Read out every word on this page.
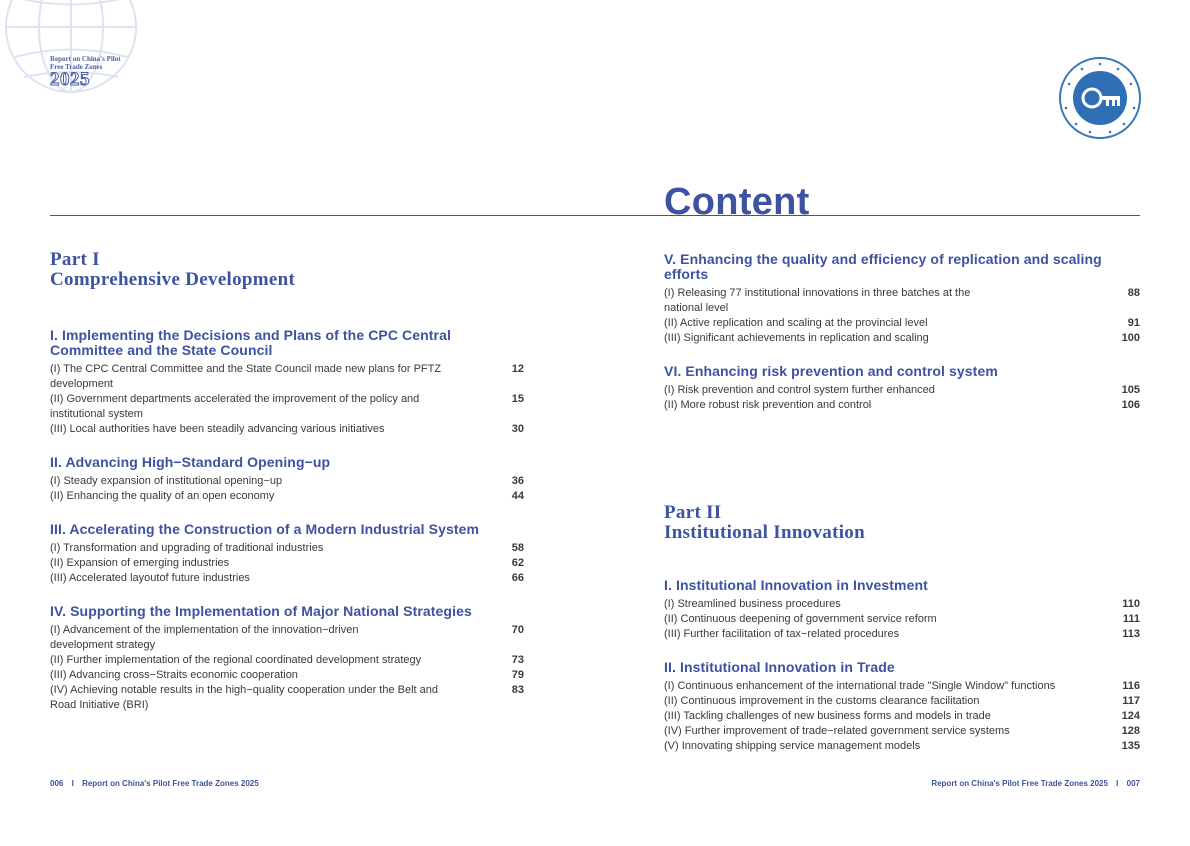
Report on China's Pilot
Free Trade Zones
2025
Content
Part I
Comprehensive Development
I. Implementing the Decisions and Plans of the CPC Central Committee and the State Council
(I) The CPC Central Committee and the State Council made new plans for PFTZ development
12
(II) Government departments accelerated the improvement of the policy and institutional system
15
(III) Local authorities have been steadily advancing various initiatives	30
II. Advancing High−Standard Opening−up
(I) Steady expansion of institutional opening−up	36
(II) Enhancing the quality of an open economy	44
III. Accelerating the Construction of a Modern Industrial System
(I) Transformation and upgrading of traditional industries	58
(II) Expansion of emerging industries	62
(III) Accelerated layoutof future industries	66
IV. Supporting the Implementation of Major National Strategies
(I) Advancement of the implementation of the innovation−driven development strategy
70
(II) Further implementation of the regional coordinated development strategy	73
(III) Advancing cross−Straits economic cooperation	79
(IV) Achieving notable results in the high−quality cooperation under the Belt and Road Initiative (BRI)
83
V. Enhancing the quality and efficiency of replication and scaling efforts
(I) Releasing 77 institutional innovations in three batches at the national level
88
(II) Active replication and scaling at the provincial level	91
(III) Significant achievements in replication and scaling	100
VI. Enhancing risk prevention and control system
(I) Risk prevention and control system further enhanced	105
(II) More robust risk prevention and control	106
Part II
Institutional Innovation
I. Institutional Innovation in Investment
(I) Streamlined business procedures	110
(II) Continuous deepening of government service reform	111
(III) Further facilitation of tax−related procedures	113
II. Institutional Innovation in Trade
(I) Continuous enhancement of the international trade "Single Window" functions	116
(II) Continuous improvement in the customs clearance facilitation	117
(III) Tackling challenges of new business forms and models in trade	124
(IV) Further improvement of trade−related government service systems	128
(V) Innovating shipping service management models	135
006 I Report on China's Pilot Free Trade Zones 2025	Report on China's Pilot Free Trade Zones 2025 I 007
